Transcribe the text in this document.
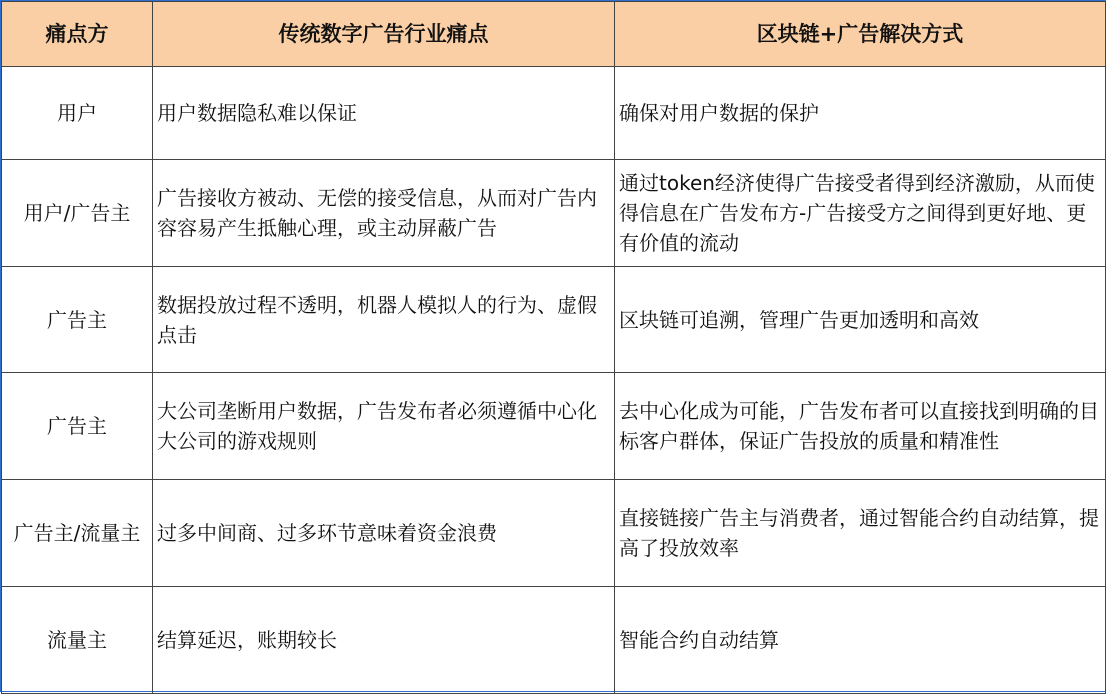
痛点方	传统数字广告行业痛点	区块链+广告解决方式
用户	用户数据隐私难以保证	确保对用户数据的保护
用户/广告主	广告接收方被动、无偿的接受信息，从而对广告内容容易产生抵触心理，或主动屏蔽广告	通过token经济使得广告接受者得到经济激励，从而使得信息在广告发布方-广告接受方之间得到更好地、更有价值的流动
广告主	数据投放过程不透明，机器人模拟人的行为、虚假点击	区块链可追溯，管理广告更加透明和高效
广告主	大公司垄断用户数据，广告发布者必须遵循中心化大公司的游戏规则	去中心化成为可能，广告发布者可以直接找到明确的目标客户群体，保证广告投放的质量和精准性
广告主/流量主	过多中间商、过多环节意味着资金浪费	直接链接广告主与消费者，通过智能合约自动结算，提高了投放效率
流量主	结算延迟，账期较长	智能合约自动结算
